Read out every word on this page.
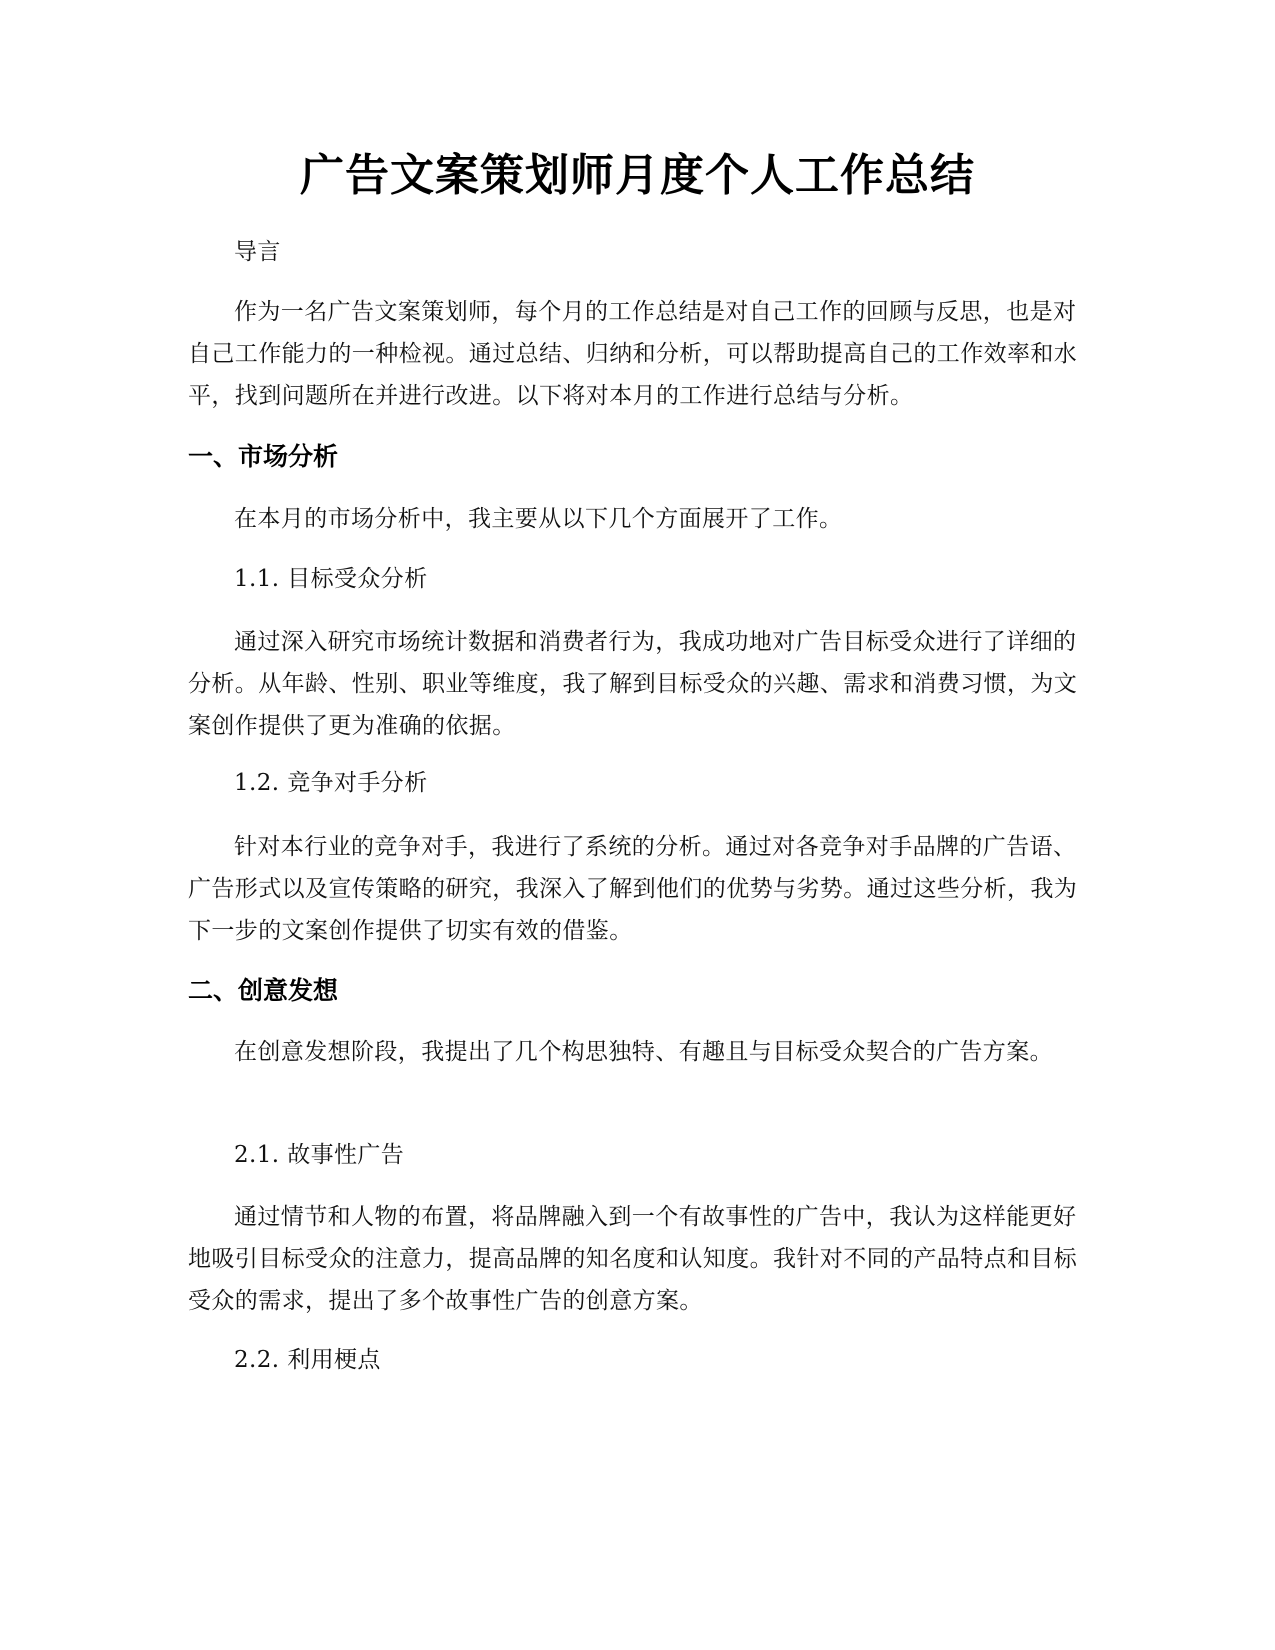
广告文案策划师月度个人工作总结

导言

作为一名广告文案策划师，每个月的工作总结是对自己工作的回顾与反思，也是对自己工作能力的一种检视。通过总结、归纳和分析，可以帮助提高自己的工作效率和水平，找到问题所在并进行改进。以下将对本月的工作进行总结与分析。

一、市场分析

在本月的市场分析中，我主要从以下几个方面展开了工作。

1.1. 目标受众分析

通过深入研究市场统计数据和消费者行为，我成功地对广告目标受众进行了详细的分析。从年龄、性别、职业等维度，我了解到目标受众的兴趣、需求和消费习惯，为文案创作提供了更为准确的依据。

1.2. 竞争对手分析

针对本行业的竞争对手，我进行了系统的分析。通过对各竞争对手品牌的广告语、广告形式以及宣传策略的研究，我深入了解到他们的优势与劣势。通过这些分析，我为下一步的文案创作提供了切实有效的借鉴。

二、创意发想

在创意发想阶段，我提出了几个构思独特、有趣且与目标受众契合的广告方案。

2.1. 故事性广告

通过情节和人物的布置，将品牌融入到一个有故事性的广告中，我认为这样能更好地吸引目标受众的注意力，提高品牌的知名度和认知度。我针对不同的产品特点和目标受众的需求，提出了多个故事性广告的创意方案。

2.2. 利用梗点
